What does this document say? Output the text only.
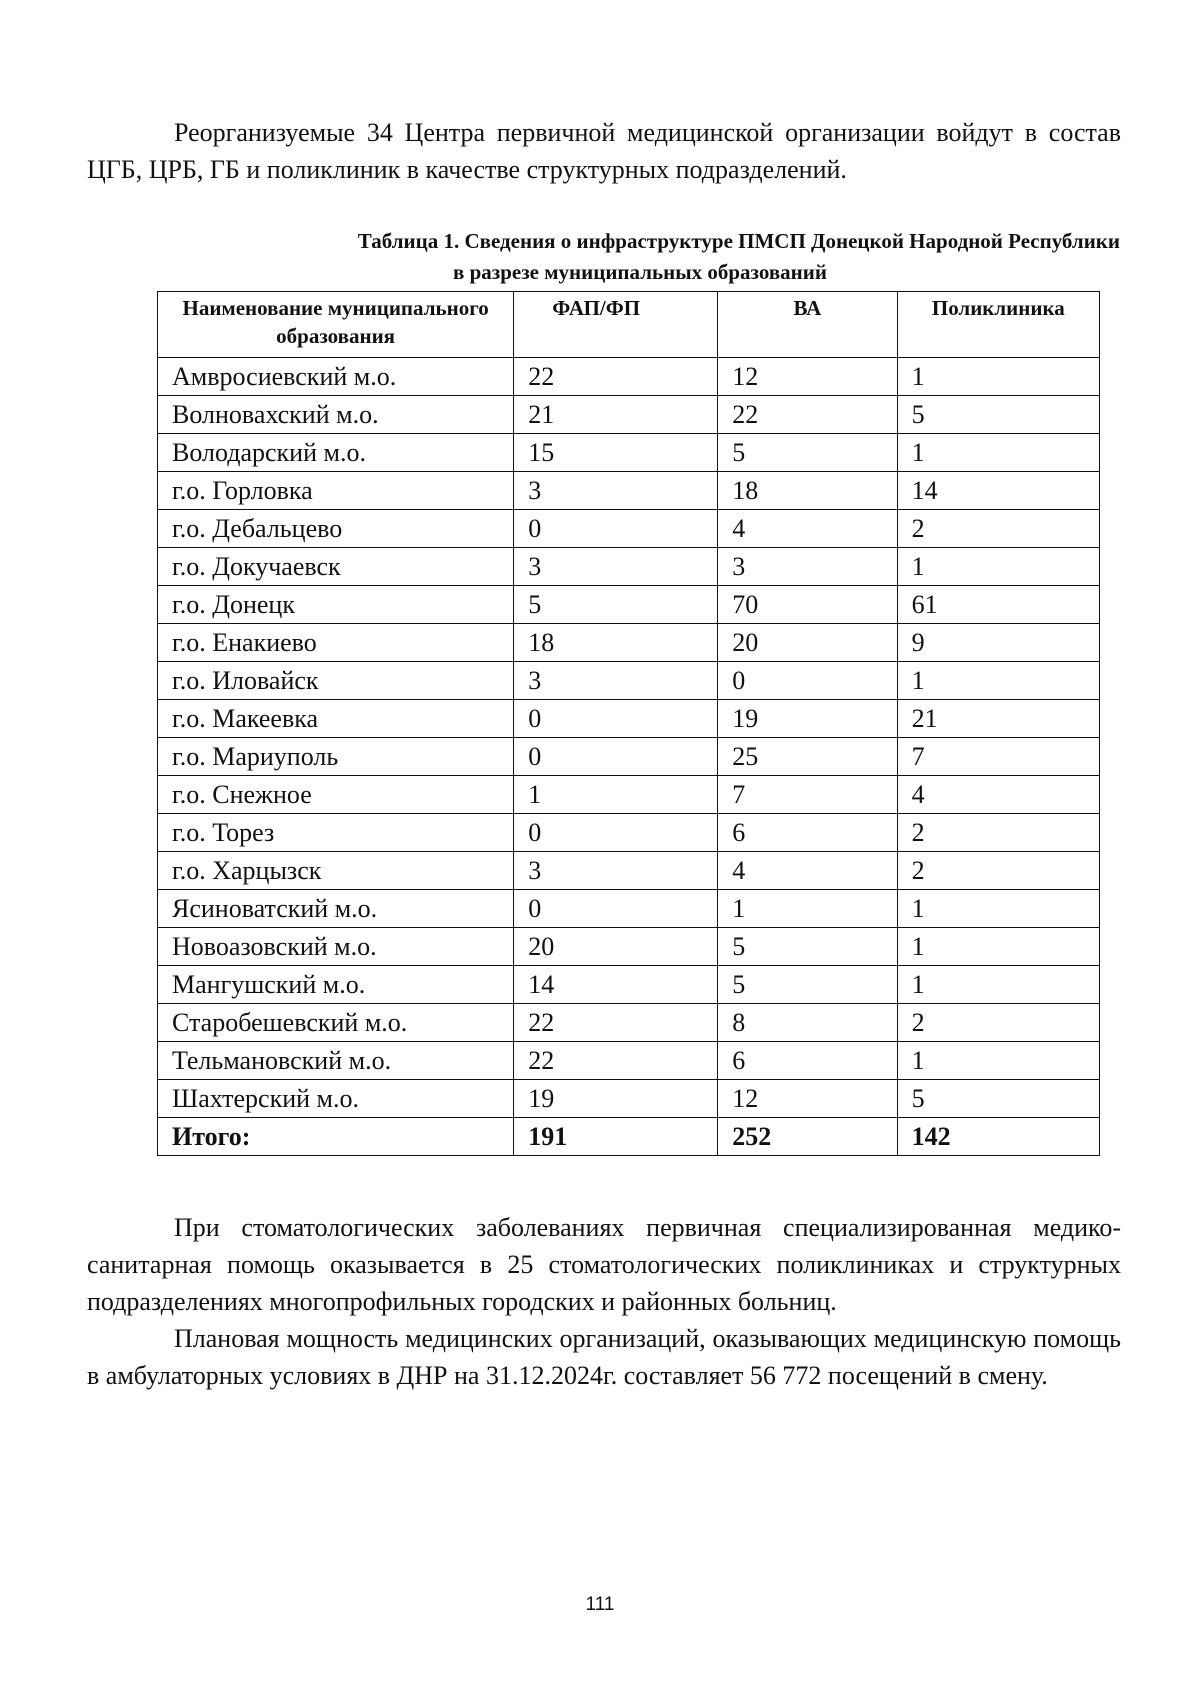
Реорганизуемые 34 Центра первичной медицинской организации войдут в состав ЦГБ, ЦРБ, ГБ и поликлиник в качестве структурных подразделений.

Таблица 1. Сведения о инфраструктуре ПМСП Донецкой Народной Республики
в разрезе муниципальных образований
Наименование муниципального образования	ФАП/ФП	ВА	Поликлиника
Амвросиевский м.о.	22	12	1
Волновахский м.о.	21	22	5
Володарский м.о.	15	5	1
г.о. Горловка	3	18	14
г.о. Дебальцево	0	4	2
г.о. Докучаевск	3	3	1
г.о. Донецк	5	70	61
г.о. Енакиево	18	20	9
г.о. Иловайск	3	0	1
г.о. Макеевка	0	19	21
г.о. Мариуполь	0	25	7
г.о. Снежное	1	7	4
г.о. Торез	0	6	2
г.о. Харцызск	3	4	2
Ясиноватский м.о.	0	1	1
Новоазовский м.о.	20	5	1
Мангушский м.о.	14	5	1
Старобешевский м.о.	22	8	2
Тельмановский м.о.	22	6	1
Шахтерский м.о.	19	12	5
Итого:	191	252	142

При стоматологических заболеваниях первичная специализированная медико-санитарная помощь оказывается в 25 стоматологических поликлиниках и структурных подразделениях многопрофильных городских и районных больниц.

Плановая мощность медицинских организаций, оказывающих медицинскую помощь в амбулаторных условиях в ДНР на 31.12.2024г. составляет 56 772 посещений в смену.

111
